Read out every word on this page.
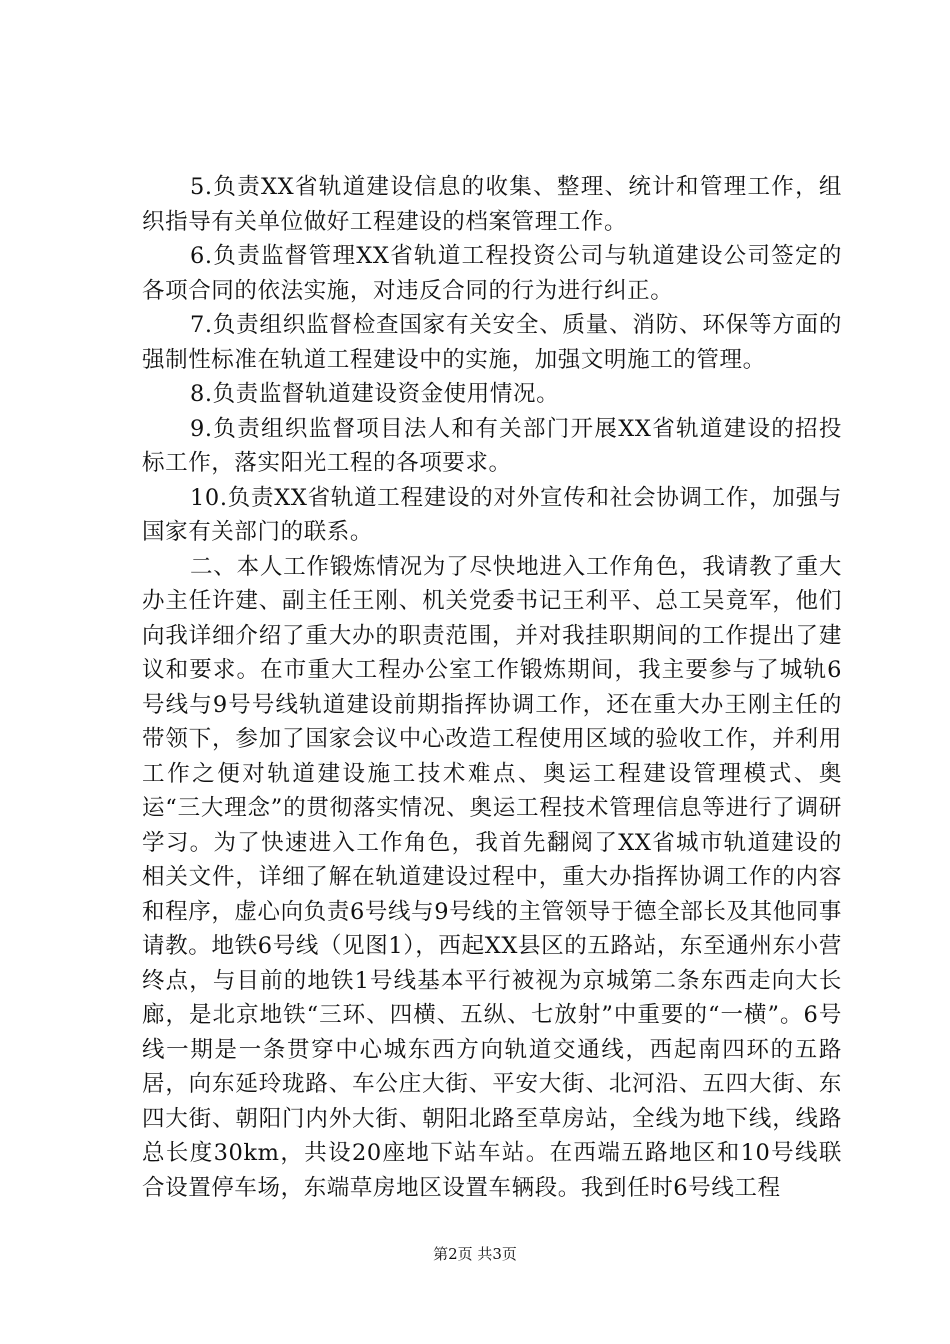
5.负责XX省轨道建设信息的收集、整理、统计和管理工作，组织指导有关单位做好工程建设的档案管理工作。

6.负责监督管理XX省轨道工程投资公司与轨道建设公司签定的各项合同的依法实施，对违反合同的行为进行纠正。

7.负责组织监督检查国家有关安全、质量、消防、环保等方面的强制性标准在轨道工程建设中的实施，加强文明施工的管理。

8.负责监督轨道建设资金使用情况。

9.负责组织监督项目法人和有关部门开展XX省轨道建设的招投标工作，落实阳光工程的各项要求。

10.负责XX省轨道工程建设的对外宣传和社会协调工作，加强与国家有关部门的联系。

二、本人工作锻炼情况为了尽快地进入工作角色，我请教了重大办主任许建、副主任王刚、机关党委书记王利平、总工吴竟军，他们向我详细介绍了重大办的职责范围，并对我挂职期间的工作提出了建议和要求。在市重大工程办公室工作锻炼期间，我主要参与了城轨6号线与9号号线轨道建设前期指挥协调工作，还在重大办王刚主任的带领下，参加了国家会议中心改造工程使用区域的验收工作，并利用工作之便对轨道建设施工技术难点、奥运工程建设管理模式、奥运“三大理念”的贯彻落实情况、奥运工程技术管理信息等进行了调研学习。为了快速进入工作角色，我首先翻阅了XX省城市轨道建设的相关文件，详细了解在轨道建设过程中，重大办指挥协调工作的内容和程序，虚心向负责6号线与9号线的主管领导于德全部长及其他同事请教。地铁6号线（见图1），西起XX县区的五路站，东至通州东小营终点，与目前的地铁1号线基本平行被视为京城第二条东西走向大长廊，是北京地铁“三环、四横、五纵、七放射”中重要的“一横”。6号线一期是一条贯穿中心城东西方向轨道交通线，西起南四环的五路居，向东延玲珑路、车公庄大街、平安大街、北河沿、五四大街、东四大街、朝阳门内外大街、朝阳北路至草房站，全线为地下线，线路总长度30km，共设20座地下站车站。在西端五路地区和10号线联合设置停车场，东端草房地区设置车辆段。我到任时6号线工程

第2页 共3页
